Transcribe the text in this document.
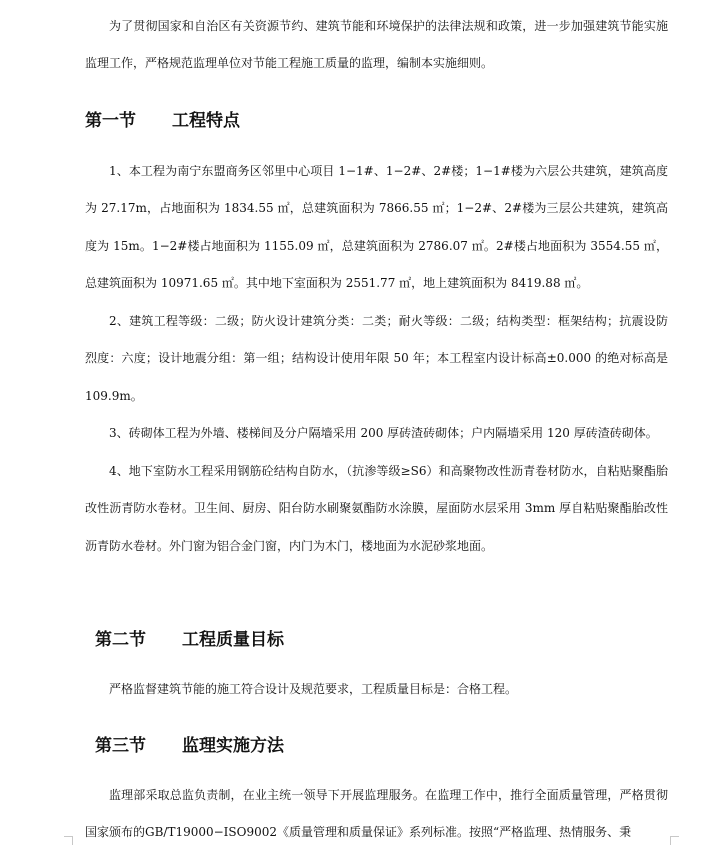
为了贯彻国家和自治区有关资源节约、建筑节能和环境保护的法律法规和政策，进一步加强建筑节能实施监理工作，严格规范监理单位对节能工程施工质量的监理，编制本实施细则。

第一节 工程特点

1、本工程为南宁东盟商务区邻里中心项目 1−1#、1−2#、2#楼；1−1#楼为六层公共建筑，建筑高度为 27.17m，占地面积为 1834.55 ㎡，总建筑面积为 7866.55 ㎡；1−2#、2#楼为三层公共建筑，建筑高度为 15m。1−2#楼占地面积为 1155.09 ㎡，总建筑面积为 2786.07 ㎡。2#楼占地面积为 3554.55 ㎡，总建筑面积为 10971.65 ㎡。其中地下室面积为 2551.77 ㎡，地上建筑面积为 8419.88 ㎡。

2、建筑工程等级：二级；防火设计建筑分类：二类；耐火等级：二级；结构类型：框架结构；抗震设防烈度：六度；设计地震分组：第一组；结构设计使用年限 50 年；本工程室内设计标高±0.000 的绝对标高是 109.9m。

3、砖砌体工程为外墙、楼梯间及分户隔墙采用 200 厚砖渣砖砌体；户内隔墙采用 120 厚砖渣砖砌体。

4、地下室防水工程采用钢筋砼结构自防水，（抗渗等级≥S6）和高聚物改性沥青卷材防水，自粘贴聚酯胎改性沥青防水卷材。卫生间、厨房、阳台防水刷聚氨酯防水涂膜，屋面防水层采用 3mm 厚自粘贴聚酯胎改性沥青防水卷材。外门窗为铝合金门窗，内门为木门，楼地面为水泥砂浆地面。

第二节 工程质量目标

严格监督建筑节能的施工符合设计及规范要求，工程质量目标是：合格工程。

第三节 监理实施方法

监理部采取总监负责制，在业主统一领导下开展监理服务。在监理工作中，推行全面质量管理，严格贯彻国家颁布的GB/T19000−ISO9002《质量管理和质量保证》系列标准。按照“严格监理、热情服务、秉
